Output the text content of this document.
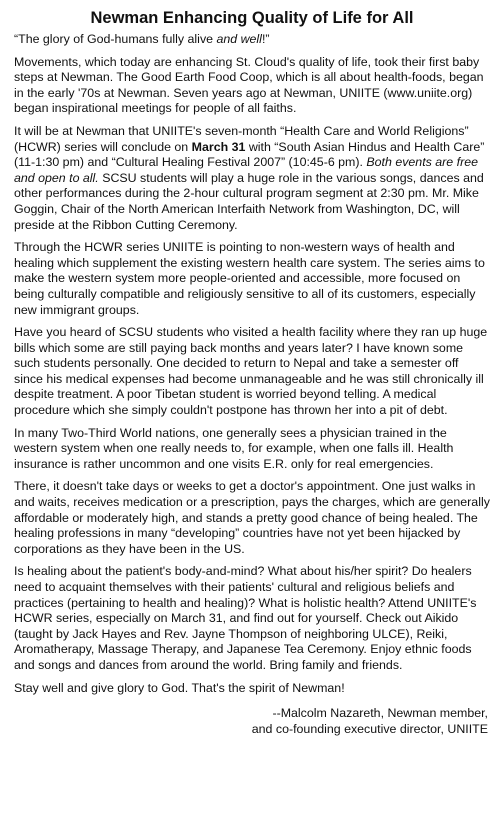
Newman Enhancing Quality of Life for All

“The glory of God-humans fully alive and well!”

Movements, which today are enhancing St. Cloud's quality of life, took their first baby steps at Newman. The Good Earth Food Coop, which is all about health-foods, began in the early '70s at Newman. Seven years ago at Newman, UNIITE (www.uniite.org) began inspirational meetings for people of all faiths.

It will be at Newman that UNIITE's seven-month “Health Care and World Religions” (HCWR) series will conclude on March 31 with “South Asian Hindus and Health Care” (11-1:30 pm) and “Cultural Healing Festival 2007” (10:45-6 pm). Both events are free and open to all. SCSU students will play a huge role in the various songs, dances and other performances during the 2-hour cultural program segment at 2:30 pm. Mr. Mike Goggin, Chair of the North American Interfaith Network from Washington, DC, will preside at the Ribbon Cutting Ceremony.

Through the HCWR series UNIITE is pointing to non-western ways of health and healing which supplement the existing western health care system. The series aims to make the western system more people-oriented and accessible, more focused on being culturally compatible and religiously sensitive to all of its customers, especially new immigrant groups.

Have you heard of SCSU students who visited a health facility where they ran up huge bills which some are still paying back months and years later? I have known some such students personally. One decided to return to Nepal and take a semester off since his medical expenses had become unmanageable and he was still chronically ill despite treatment. A poor Tibetan student is worried beyond telling. A medical procedure which she simply couldn't postpone has thrown her into a pit of debt.

In many Two-Third World nations, one generally sees a physician trained in the western system when one really needs to, for example, when one falls ill. Health insurance is rather uncommon and one visits E.R. only for real emergencies.

There, it doesn't take days or weeks to get a doctor's appointment. One just walks in and waits, receives medication or a prescription, pays the charges, which are generally affordable or moderately high, and stands a pretty good chance of being healed. The healing professions in many “developing” countries have not yet been hijacked by corporations as they have been in the US.

Is healing about the patient's body-and-mind? What about his/her spirit? Do healers need to acquaint themselves with their patients' cultural and religious beliefs and practices (pertaining to health and healing)? What is holistic health? Attend UNIITE's HCWR series, especially on March 31, and find out for yourself. Check out Aikido (taught by Jack Hayes and Rev. Jayne Thompson of neighboring ULCE), Reiki, Aromatherapy, Massage Therapy, and Japanese Tea Ceremony. Enjoy ethnic foods and songs and dances from around the world. Bring family and friends.

Stay well and give glory to God. That's the spirit of Newman!

--Malcolm Nazareth, Newman member,
and co-founding executive director, UNIITE
